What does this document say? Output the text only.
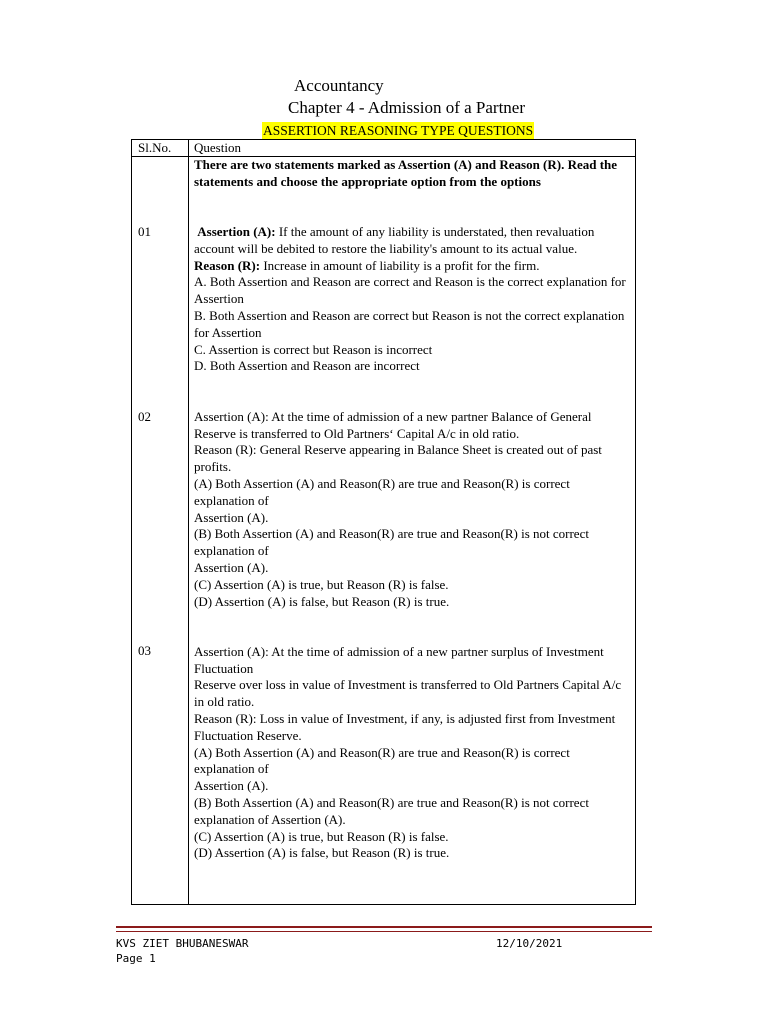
Accountancy
Chapter 4 - Admission of a Partner
ASSERTION REASONING TYPE QUESTIONS
Sl.No. Question
01
02
03

There are two statements marked as Assertion (A) and Reason (R). Read the statements and choose the appropriate option from the options

Assertion (A): If the amount of any liability is understated, then revaluation account will be debited to restore the liability's amount to its actual value.

Reason (R): Increase in amount of liability is a profit for the firm.

A. Both Assertion and Reason are correct and Reason is the correct explanation for Assertion

B. Both Assertion and Reason are correct but Reason is not the correct explanation for Assertion

C. Assertion is correct but Reason is incorrect

D. Both Assertion and Reason are incorrect

Assertion (A): At the time of admission of a new partner Balance of General Reserve is transferred to Old Partners‘ Capital A/c in old ratio.

Reason (R): General Reserve appearing in Balance Sheet is created out of past profits.

(A) Both Assertion (A) and Reason(R) are true and Reason(R) is correct explanation of

Assertion (A).

(B) Both Assertion (A) and Reason(R) are true and Reason(R) is not correct explanation of

Assertion (A).

(C) Assertion (A) is true, but Reason (R) is false.

(D) Assertion (A) is false, but Reason (R) is true.

Assertion (A): At the time of admission of a new partner surplus of Investment Fluctuation

Reserve over loss in value of Investment is transferred to Old Partners Capital A/c in old ratio.

Reason (R): Loss in value of Investment, if any, is adjusted first from Investment

Fluctuation Reserve.

(A) Both Assertion (A) and Reason(R) are true and Reason(R) is correct explanation of

Assertion (A).

(B) Both Assertion (A) and Reason(R) are true and Reason(R) is not correct explanation of Assertion (A).

(C) Assertion (A) is true, but Reason (R) is false.

(D) Assertion (A) is false, but Reason (R) is true.

KVS ZIET BHUBANESWAR	12/10/2021
Page 1
